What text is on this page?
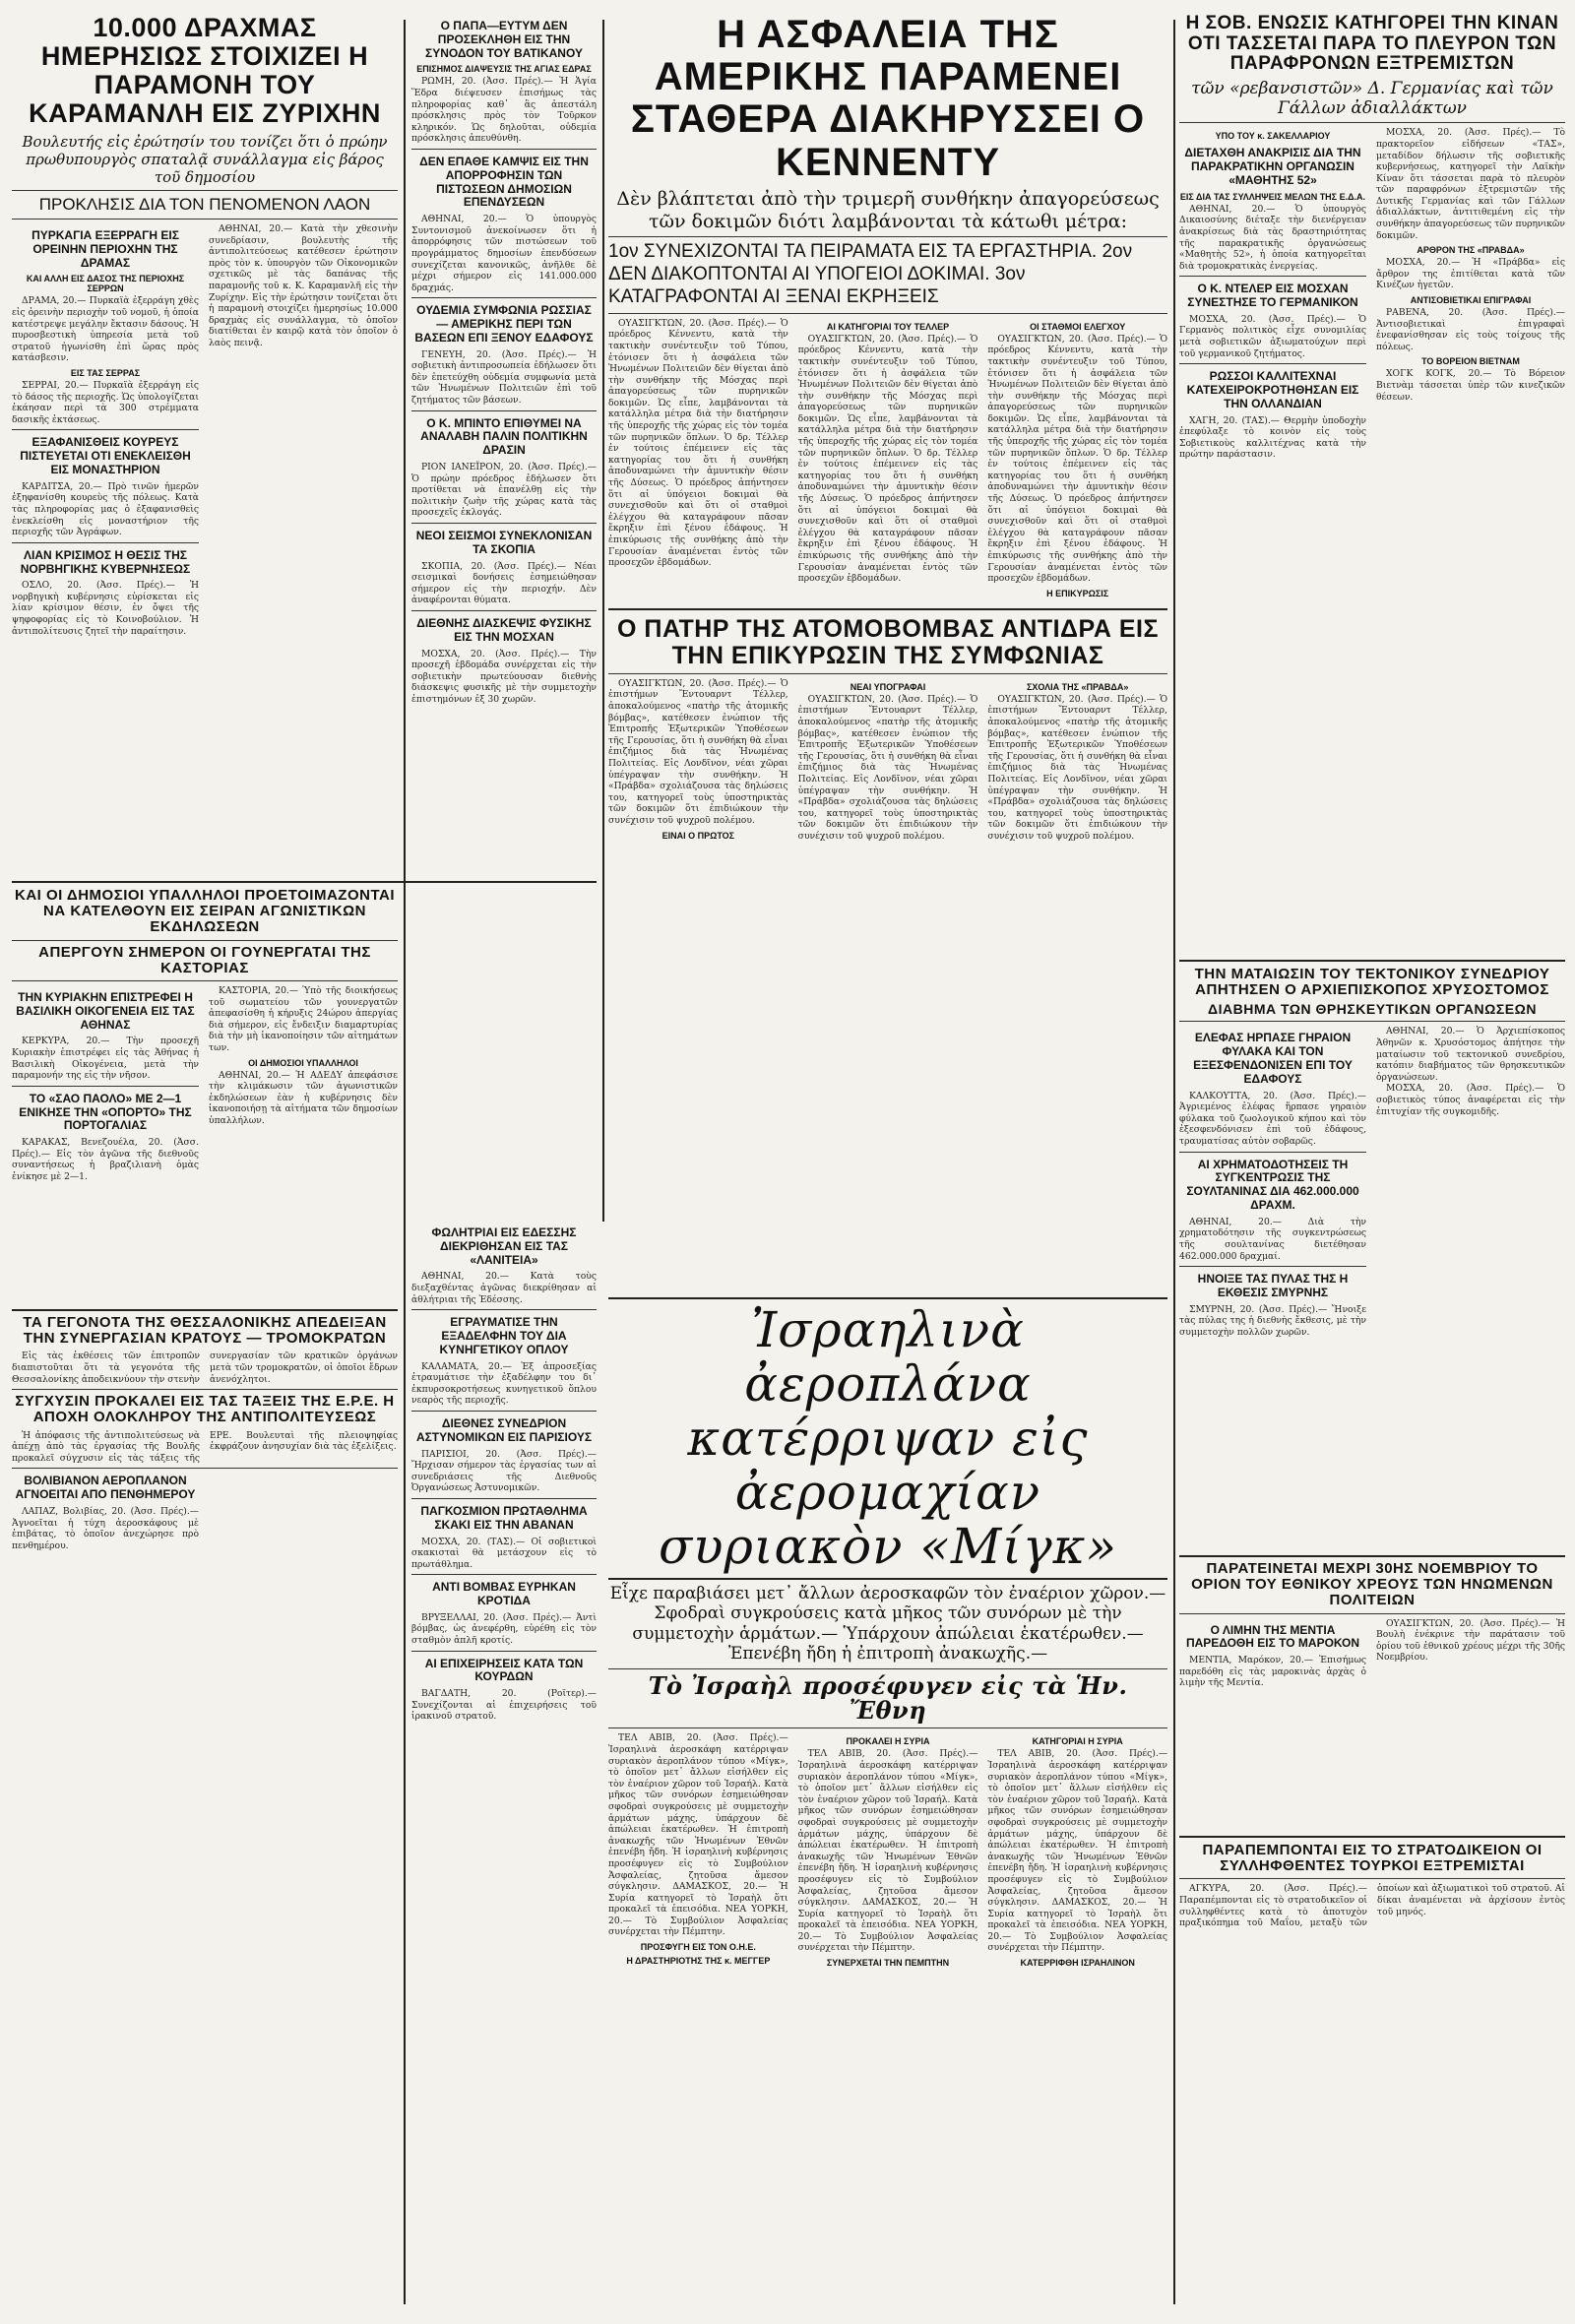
10.000 ΔΡΑΧΜΑΣ ΗΜΕΡΗΣΙΩΣ ΣΤΟΙΧΙΖΕΙ Η ΠΑΡΑΜΟΝΗ ΤΟΥ ΚΑΡΑΜΑΝΛΗ ΕΙΣ ΖΥΡΙΧΗΝ
Βουλευτής εἰς ἐρώτησίν του τονίζει ὅτι ὁ πρώην πρωθυπουργὸς σπαταλᾷ συνάλλαγμα εἰς βάρος τοῦ δημοσίου
ΠΡΟΚΛΗΣΙΣ ΔΙΑ ΤΟΝ ΠΕΝΟΜΕΝΟΝ ΛΑΟΝ
ΠΥΡΚΑΓΙΑ ΕΞΕΡΡΑΓΗ ΕΙΣ ΟΡΕΙΝΗΝ ΠΕΡΙΟΧΗΝ ΤΗΣ ΔΡΑΜΑΣ
ΚΑΙ ΑΛΛΗ ΕΙΣ ΔΑΣΟΣ ΤΗΣ ΠΕΡΙΟΧΗΣ ΣΕΡΡΩΝ

ΔΡΑΜΑ, 20.— Πυρκαϊὰ ἐξερράγη χθὲς εἰς ὀρεινὴν περιοχὴν τοῦ νομοῦ, ἡ ὁποία κατέστρεψε μεγάλην ἔκτασιν δάσους. Ἡ πυροσβεστικὴ ὑπηρεσία μετὰ τοῦ στρατοῦ ἠγωνίσθη ἐπὶ ὥρας πρὸς κατάσβεσιν.

ΕΙΣ ΤΑΣ ΣΕΡΡΑΣ

ΣΕΡΡΑΙ, 20.— Πυρκαϊὰ ἐξερράγη εἰς τὸ δάσος τῆς περιοχῆς. Ὡς ὑπολογίζεται ἐκάησαν περὶ τὰ 300 στρέμματα δασικῆς ἐκτάσεως.

ΕΞΑΦΑΝΙΣΘΕΙΣ ΚΟΥΡΕΥΣ ΠΙΣΤΕΥΕΤΑΙ ΟΤΙ ΕΝΕΚΛΕΙΣΘΗ ΕΙΣ ΜΟΝΑΣΤΗΡΙΟΝ

ΚΑΡΔΙΤΣΑ, 20.— Πρὸ τινῶν ἡμερῶν ἐξηφανίσθη κουρεὺς τῆς πόλεως. Κατὰ τὰς πληροφορίας μας ὁ ἐξαφανισθεὶς ἐνεκλείσθη εἰς μοναστήριον τῆς περιοχῆς τῶν Ἀγράφων.

ΛΙΑΝ ΚΡΙΣΙΜΟΣ Η ΘΕΣΙΣ ΤΗΣ ΝΟΡΒΗΓΙΚΗΣ ΚΥΒΕΡΝΗΣΕΩΣ

ΟΣΛΟ, 20. (Ἀσσ. Πρές).— Ἡ νορβηγικὴ κυβέρνησις εὑρίσκεται εἰς λίαν κρίσιμον θέσιν, ἐν ὄψει τῆς ψηφοφορίας εἰς τὸ Κοινοβούλιον. Ἡ ἀντιπολίτευσις ζητεῖ τὴν παραίτησιν.

ΑΘΗΝΑΙ, 20.— Κατὰ τὴν χθεσινὴν συνεδρίασιν, βουλευτὴς τῆς ἀντιπολιτεύσεως κατέθεσεν ἐρώτησιν πρὸς τὸν κ. ὑπουργὸν τῶν Οἰκονομικῶν σχετικῶς μὲ τὰς δαπάνας τῆς παραμονῆς τοῦ κ. Κ. Καραμανλῆ εἰς τὴν Ζυρίχην. Εἰς τὴν ἐρώτησιν τονίζεται ὅτι ἡ παραμονὴ στοιχίζει ἡμερησίως 10.000 δραχμὰς εἰς συνάλλαγμα, τὸ ὁποῖον διατίθεται ἐν καιρῷ κατὰ τὸν ὁποῖον ὁ λαὸς πεινᾷ.

Ο ΠΑΠΑ—ΕΥΤΥΜ ΔΕΝ ΠΡΟΣΕΚΛΗΘΗ ΕΙΣ ΤΗΝ ΣΥΝΟΔΟΝ ΤΟΥ ΒΑΤΙΚΑΝΟΥ
ΕΠΙΣΗΜΟΣ ΔΙΑΨΕΥΣΙΣ ΤΗΣ ΑΓΙΑΣ ΕΔΡΑΣ

ΡΩΜΗ, 20. (Ἀσσ. Πρές).— Ἡ Ἁγία Ἕδρα διέψευσεν ἐπισήμως τὰς πληροφορίας καθ᾽ ἃς ἀπεστάλη πρόσκλησις πρὸς τὸν Τοῦρκον κληρικόν. Ὡς δηλοῦται, οὐδεμία πρόσκλησις ἀπευθύνθη.

ΔΕΝ ΕΠΑΘΕ ΚΑΜΨΙΣ ΕΙΣ ΤΗΝ ΑΠΟΡΡΟΦΗΣΙΝ ΤΩΝ ΠΙΣΤΩΣΕΩΝ ΔΗΜΟΣΙΩΝ ΕΠΕΝΔΥΣΕΩΝ

ΑΘΗΝΑΙ, 20.— Ὁ ὑπουργὸς Συντονισμοῦ ἀνεκοίνωσεν ὅτι ἡ ἀπορρόφησις τῶν πιστώσεων τοῦ προγράμματος δημοσίων ἐπενδύσεων συνεχίζεται κανονικῶς, ἀνῆλθε δὲ μέχρι σήμερον εἰς 141.000.000 δραχμάς.

ΟΥΔΕΜΙΑ ΣΥΜΦΩΝΙΑ ΡΩΣΣΙΑΣ — ΑΜΕΡΙΚΗΣ ΠΕΡΙ ΤΩΝ ΒΑΣΕΩΝ ΕΠΙ ΞΕΝΟΥ ΕΔΑΦΟΥΣ

ΓΕΝΕΥΗ, 20. (Ἀσσ. Πρές).— Ἡ σοβιετικὴ ἀντιπροσωπεία ἐδήλωσεν ὅτι δὲν ἐπετεύχθη οὐδεμία συμφωνία μετὰ τῶν Ἡνωμένων Πολιτειῶν ἐπὶ τοῦ ζητήματος τῶν βάσεων.

Ο Κ. ΜΠΙΝΤΟ ΕΠΙΘΥΜΕΙ ΝΑ ΑΝΑΛΑΒΗ ΠΑΛΙΝ ΠΟΛΙΤΙΚΗΝ ΔΡΑΣΙΝ

ΡΙΟΝ ΙΑΝΕΪΡΟΝ, 20. (Ἀσσ. Πρές).— Ὁ πρώην πρόεδρος ἐδήλωσεν ὅτι προτίθεται νὰ ἐπανέλθῃ εἰς τὴν πολιτικὴν ζωὴν τῆς χώρας κατὰ τὰς προσεχεῖς ἐκλογάς.

ΝΕΟΙ ΣΕΙΣΜΟΙ ΣΥΝΕΚΛΟΝΙΣΑΝ ΤΑ ΣΚΟΠΙΑ

ΣΚΟΠΙΑ, 20. (Ἀσσ. Πρές).— Νέαι σεισμικαὶ δονήσεις ἐσημειώθησαν σήμερον εἰς τὴν περιοχήν. Δὲν ἀναφέρονται θύματα.

ΔΙΕΘΝΗΣ ΔΙΑΣΚΕΨΙΣ ΦΥΣΙΚΗΣ ΕΙΣ ΤΗΝ ΜΟΣΧΑΝ

ΜΟΣΧΑ, 20. (Ἀσσ. Πρές).— Τὴν προσεχῆ ἑβδομάδα συνέρχεται εἰς τὴν σοβιετικὴν πρωτεύουσαν διεθνὴς διάσκεψις φυσικῆς μὲ τὴν συμμετοχὴν ἐπιστημόνων ἐξ 30 χωρῶν.

ΚΑΙ ΟΙ ΔΗΜΟΣΙΟΙ ΥΠΑΛΛΗΛΟΙ ΠΡΟΕΤΟΙΜΑΖΟΝΤΑΙ ΝΑ ΚΑΤΕΛΘΟΥΝ ΕΙΣ ΣΕΙΡΑΝ ΑΓΩΝΙΣΤΙΚΩΝ ΕΚΔΗΛΩΣΕΩΝ
ΑΠΕΡΓΟΥΝ ΣΗΜΕΡΟΝ ΟΙ ΓΟΥΝΕΡΓΑΤΑΙ ΤΗΣ ΚΑΣΤΟΡΙΑΣ
ΤΗΝ ΚΥΡΙΑΚΗΝ ΕΠΙΣΤΡΕΦΕΙ Η ΒΑΣΙΛΙΚΗ ΟΙΚΟΓΕΝΕΙΑ ΕΙΣ ΤΑΣ ΑΘΗΝΑΣ

ΚΕΡΚΥΡΑ, 20.— Τὴν προσεχῆ Κυριακὴν ἐπιστρέφει εἰς τὰς Ἀθήνας ἡ Βασιλικὴ Οἰκογένεια, μετὰ τὴν παραμονήν της εἰς τὴν νῆσον.

ΤΟ «ΣΑΟ ΠΑΟΛΟ» ΜΕ 2—1 ΕΝΙΚΗΣΕ ΤΗΝ «ΟΠΟΡΤΟ» ΤΗΣ ΠΟΡΤΟΓΑΛΙΑΣ

ΚΑΡΑΚΑΣ, Βενεζουέλα, 20. (Ἀσσ. Πρές).— Εἰς τὸν ἀγῶνα τῆς διεθνοῦς συναντήσεως ἡ βραζιλιανὴ ὁμὰς ἐνίκησε μὲ 2—1.

ΚΑΣΤΟΡΙΑ, 20.— Ὑπὸ τῆς διοικήσεως τοῦ σωματείου τῶν γουνεργατῶν ἀπεφασίσθη ἡ κήρυξις 24ώρου ἀπεργίας διὰ σήμερον, εἰς ἔνδειξιν διαμαρτυρίας διὰ τὴν μὴ ἱκανοποίησιν τῶν αἰτημάτων των.

ΟΙ ΔΗΜΟΣΙΟΙ ΥΠΑΛΛΗΛΟΙ

ΑΘΗΝΑΙ, 20.— Ἡ ΑΔΕΔΥ ἀπεφάσισε τὴν κλιμάκωσιν τῶν ἀγωνιστικῶν ἐκδηλώσεων ἐὰν ἡ κυβέρνησις δὲν ἱκανοποιήσῃ τὰ αἰτήματα τῶν δημοσίων ὑπαλλήλων.

ΦΩΛΗΤΡΙΑΙ ΕΙΣ ΕΔΕΣΣΗΣ ΔΙΕΚΡΙΘΗΣΑΝ ΕΙΣ ΤΑΣ «ΛΑΝΙΤΕΙΑ»

ΑΘΗΝΑΙ, 20.— Κατὰ τοὺς διεξαχθέντας ἀγῶνας διεκρίθησαν αἱ ἀθλήτριαι τῆς Ἐδέσσης.

ΕΓΡΑΥΜΑΤΙΣΕ ΤΗΝ ΕΞΑΔΕΛΦΗΝ ΤΟΥ ΔΙΑ ΚΥΝΗΓΕΤΙΚΟΥ ΟΠΛΟΥ

ΚΑΛΑΜΑΤΑ, 20.— Ἐξ ἀπροσεξίας ἐτραυμάτισε τὴν ἐξαδέλφην του δι᾽ ἐκπυρσοκροτήσεως κυνηγετικοῦ ὅπλου νεαρὸς τῆς περιοχῆς.

ΔΙΕΘΝΕΣ ΣΥΝΕΔΡΙΟΝ ΑΣΤΥΝΟΜΙΚΩΝ ΕΙΣ ΠΑΡΙΣΙΟΥΣ

ΠΑΡΙΣΙΟΙ, 20. (Ἀσσ. Πρές).— Ἤρχισαν σήμερον τὰς ἐργασίας των αἱ συνεδριάσεις τῆς Διεθνοῦς Ὀργανώσεως Ἀστυνομικῶν.

ΠΑΓΚΟΣΜΙΟΝ ΠΡΩΤΑΘΛΗΜΑ ΣΚΑΚΙ ΕΙΣ ΤΗΝ ΑΒΑΝΑΝ

ΜΟΣΧΑ, 20. (ΤΑΣ).— Οἱ σοβιετικοὶ σκακισταὶ θὰ μετάσχουν εἰς τὸ πρωτάθλημα.

ΑΝΤΙ ΒΟΜΒΑΣ ΕΥΡΗΚΑΝ ΚΡΟΤΙΔΑ

ΒΡΥΞΕΛΛΑΙ, 20. (Ἀσσ. Πρές).— Ἀντὶ βόμβας, ὡς ἀνεφέρθη, εὑρέθη εἰς τὸν σταθμὸν ἁπλῆ κροτίς.

ΑΙ ΕΠΙΧΕΙΡΗΣΕΙΣ ΚΑΤΑ ΤΩΝ ΚΟΥΡΔΩΝ

ΒΑΓΔΑΤΗ, 20. (Ροϊτερ).— Συνεχίζονται αἱ ἐπιχειρήσεις τοῦ ἰρακινοῦ στρατοῦ.

ΤΑ ΓΕΓΟΝΟΤΑ ΤΗΣ ΘΕΣΣΑΛΟΝΙΚΗΣ ΑΠΕΔΕΙΞΑΝ ΤΗΝ ΣΥΝΕΡΓΑΣΙΑΝ ΚΡΑΤΟΥΣ — ΤΡΟΜΟΚΡΑΤΩΝ

Εἰς τὰς ἐκθέσεις τῶν ἐπιτροπῶν διαπιστοῦται ὅτι τὰ γεγονότα τῆς Θεσσαλονίκης ἀποδεικνύουν τὴν στενὴν συνεργασίαν τῶν κρατικῶν ὀργάνων μετὰ τῶν τρομοκρατῶν, οἱ ὁποῖοι ἔδρων ἀνενόχλητοι.

ΣΥΓΧΥΣΙΝ ΠΡΟΚΑΛΕΙ ΕΙΣ ΤΑΣ ΤΑΞΕΙΣ ΤΗΣ Ε.Ρ.Ε. Η ΑΠΟΧΗ ΟΛΟΚΛΗΡΟΥ ΤΗΣ ΑΝΤΙΠΟΛΙΤΕΥΣΕΩΣ

Ἡ ἀπόφασις τῆς ἀντιπολιτεύσεως νὰ ἀπέχῃ ἀπὸ τὰς ἐργασίας τῆς Βουλῆς προκαλεῖ σύγχυσιν εἰς τὰς τάξεις τῆς ΕΡΕ. Βουλευταὶ τῆς πλειοψηφίας ἐκφράζουν ἀνησυχίαν διὰ τὰς ἐξελίξεις.

ΒΟΛΙΒΙΑΝΟΝ ΑΕΡΟΠΛΑΝΟΝ ΑΓΝΟΕΙΤΑΙ ΑΠΟ ΠΕΝΘΗΜΕΡΟΥ

ΛΑΠΑΖ, Βολιβίας, 20. (Ἀσσ. Πρές).— Ἀγνοεῖται ἡ τύχη ἀεροσκάφους μὲ ἐπιβάτας, τὸ ὁποῖον ἀνεχώρησε πρὸ πενθημέρου.

Η ΑΣΦΑΛΕΙΑ ΤΗΣ ΑΜΕΡΙΚΗΣ ΠΑΡΑΜΕΝΕΙ ΣΤΑΘΕΡΑ ΔΙΑΚΗΡΥΣΣΕΙ Ο ΚΕΝΝΕΝΤΥ
Δὲν βλάπτεται ἀπὸ τὴν τριμερῆ συνθήκην ἀπαγορεύσεως τῶν δοκιμῶν διότι λαμβάνονται τὰ κάτωθι μέτρα:
1ον ΣΥΝΕΧΙΖΟΝΤΑΙ ΤΑ ΠΕΙΡΑΜΑΤΑ ΕΙΣ ΤΑ ΕΡΓΑΣΤΗΡΙΑ. 2ον ΔΕΝ ΔΙΑΚΟΠΤΟΝΤΑΙ ΑΙ ΥΠΟΓΕΙΟΙ ΔΟΚΙΜΑΙ. 3ον ΚΑΤΑΓΡΑΦΟΝΤΑΙ ΑΙ ΞΕΝΑΙ ΕΚΡΗΞΕΙΣ

ΟΥΑΣΙΓΚΤΩΝ, 20. (Ἀσσ. Πρές).— Ὁ πρόεδρος Κέννεντυ, κατὰ τὴν τακτικὴν συνέντευξιν τοῦ Τύπου, ἐτόνισεν ὅτι ἡ ἀσφάλεια τῶν Ἡνωμένων Πολιτειῶν δὲν θίγεται ἀπὸ τὴν συνθήκην τῆς Μόσχας περὶ ἀπαγορεύσεως τῶν πυρηνικῶν δοκιμῶν. Ὡς εἶπε, λαμβάνονται τὰ κατάλληλα μέτρα διὰ τὴν διατήρησιν τῆς ὑπεροχῆς τῆς χώρας εἰς τὸν τομέα τῶν πυρηνικῶν ὅπλων. Ὁ δρ. Τέλλερ ἐν τούτοις ἐπέμεινεν εἰς τὰς κατηγορίας του ὅτι ἡ συνθήκη ἀποδυναμώνει τὴν ἀμυντικὴν θέσιν τῆς Δύσεως. Ὁ πρόεδρος ἀπήντησεν ὅτι αἱ ὑπόγειοι δοκιμαὶ θὰ συνεχισθοῦν καὶ ὅτι οἱ σταθμοὶ ἐλέγχου θὰ καταγράφουν πᾶσαν ἔκρηξιν ἐπὶ ξένου ἐδάφους. Ἡ ἐπικύρωσις τῆς συνθήκης ἀπὸ τὴν Γερουσίαν ἀναμένεται ἐντὸς τῶν προσεχῶν ἑβδομάδων.

ΑΙ ΚΑΤΗΓΟΡΙΑΙ ΤΟΥ ΤΕΛΛΕΡ

ΟΥΑΣΙΓΚΤΩΝ, 20. (Ἀσσ. Πρές).— Ὁ πρόεδρος Κέννεντυ, κατὰ τὴν τακτικὴν συνέντευξιν τοῦ Τύπου, ἐτόνισεν ὅτι ἡ ἀσφάλεια τῶν Ἡνωμένων Πολιτειῶν δὲν θίγεται ἀπὸ τὴν συνθήκην τῆς Μόσχας περὶ ἀπαγορεύσεως τῶν πυρηνικῶν δοκιμῶν. Ὡς εἶπε, λαμβάνονται τὰ κατάλληλα μέτρα διὰ τὴν διατήρησιν τῆς ὑπεροχῆς τῆς χώρας εἰς τὸν τομέα τῶν πυρηνικῶν ὅπλων. Ὁ δρ. Τέλλερ ἐν τούτοις ἐπέμεινεν εἰς τὰς κατηγορίας του ὅτι ἡ συνθήκη ἀποδυναμώνει τὴν ἀμυντικὴν θέσιν τῆς Δύσεως. Ὁ πρόεδρος ἀπήντησεν ὅτι αἱ ὑπόγειοι δοκιμαὶ θὰ συνεχισθοῦν καὶ ὅτι οἱ σταθμοὶ ἐλέγχου θὰ καταγράφουν πᾶσαν ἔκρηξιν ἐπὶ ξένου ἐδάφους. Ἡ ἐπικύρωσις τῆς συνθήκης ἀπὸ τὴν Γερουσίαν ἀναμένεται ἐντὸς τῶν προσεχῶν ἑβδομάδων.

ΟΙ ΣΤΑΘΜΟΙ ΕΛΕΓΧΟΥ

ΟΥΑΣΙΓΚΤΩΝ, 20. (Ἀσσ. Πρές).— Ὁ πρόεδρος Κέννεντυ, κατὰ τὴν τακτικὴν συνέντευξιν τοῦ Τύπου, ἐτόνισεν ὅτι ἡ ἀσφάλεια τῶν Ἡνωμένων Πολιτειῶν δὲν θίγεται ἀπὸ τὴν συνθήκην τῆς Μόσχας περὶ ἀπαγορεύσεως τῶν πυρηνικῶν δοκιμῶν. Ὡς εἶπε, λαμβάνονται τὰ κατάλληλα μέτρα διὰ τὴν διατήρησιν τῆς ὑπεροχῆς τῆς χώρας εἰς τὸν τομέα τῶν πυρηνικῶν ὅπλων. Ὁ δρ. Τέλλερ ἐν τούτοις ἐπέμεινεν εἰς τὰς κατηγορίας του ὅτι ἡ συνθήκη ἀποδυναμώνει τὴν ἀμυντικὴν θέσιν τῆς Δύσεως. Ὁ πρόεδρος ἀπήντησεν ὅτι αἱ ὑπόγειοι δοκιμαὶ θὰ συνεχισθοῦν καὶ ὅτι οἱ σταθμοὶ ἐλέγχου θὰ καταγράφουν πᾶσαν ἔκρηξιν ἐπὶ ξένου ἐδάφους. Ἡ ἐπικύρωσις τῆς συνθήκης ἀπὸ τὴν Γερουσίαν ἀναμένεται ἐντὸς τῶν προσεχῶν ἑβδομάδων.

Η ΕΠΙΚΥΡΩΣΙΣ
Ο ΠΑΤΗΡ ΤΗΣ ΑΤΟΜΟΒΟΜΒΑΣ ΑΝΤΙΔΡΑ ΕΙΣ ΤΗΝ ΕΠΙΚΥΡΩΣΙΝ ΤΗΣ ΣΥΜΦΩΝΙΑΣ

ΟΥΑΣΙΓΚΤΩΝ, 20. (Ἀσσ. Πρές).— Ὁ ἐπιστήμων Ἔντουαρντ Τέλλερ, ἀποκαλούμενος «πατὴρ τῆς ἀτομικῆς βόμβας», κατέθεσεν ἐνώπιον τῆς Ἐπιτροπῆς Ἐξωτερικῶν Ὑποθέσεων τῆς Γερουσίας, ὅτι ἡ συνθήκη θὰ εἶναι ἐπιζήμιος διὰ τὰς Ἡνωμένας Πολιτείας. Εἰς Λονδῖνον, νέαι χῶραι ὑπέγραψαν τὴν συνθήκην. Ἡ «Πράβδα» σχολιάζουσα τὰς δηλώσεις του, κατηγορεῖ τοὺς ὑποστηρικτὰς τῶν δοκιμῶν ὅτι ἐπιδιώκουν τὴν συνέχισιν τοῦ ψυχροῦ πολέμου.

ΕΙΝΑΙ Ο ΠΡΩΤΟΣ
ΝΕΑΙ ΥΠΟΓΡΑΦΑΙ

ΟΥΑΣΙΓΚΤΩΝ, 20. (Ἀσσ. Πρές).— Ὁ ἐπιστήμων Ἔντουαρντ Τέλλερ, ἀποκαλούμενος «πατὴρ τῆς ἀτομικῆς βόμβας», κατέθεσεν ἐνώπιον τῆς Ἐπιτροπῆς Ἐξωτερικῶν Ὑποθέσεων τῆς Γερουσίας, ὅτι ἡ συνθήκη θὰ εἶναι ἐπιζήμιος διὰ τὰς Ἡνωμένας Πολιτείας. Εἰς Λονδῖνον, νέαι χῶραι ὑπέγραψαν τὴν συνθήκην. Ἡ «Πράβδα» σχολιάζουσα τὰς δηλώσεις του, κατηγορεῖ τοὺς ὑποστηρικτὰς τῶν δοκιμῶν ὅτι ἐπιδιώκουν τὴν συνέχισιν τοῦ ψυχροῦ πολέμου.

ΣΧΟΛΙΑ ΤΗΣ «ΠΡΑΒΔΑ»

ΟΥΑΣΙΓΚΤΩΝ, 20. (Ἀσσ. Πρές).— Ὁ ἐπιστήμων Ἔντουαρντ Τέλλερ, ἀποκαλούμενος «πατὴρ τῆς ἀτομικῆς βόμβας», κατέθεσεν ἐνώπιον τῆς Ἐπιτροπῆς Ἐξωτερικῶν Ὑποθέσεων τῆς Γερουσίας, ὅτι ἡ συνθήκη θὰ εἶναι ἐπιζήμιος διὰ τὰς Ἡνωμένας Πολιτείας. Εἰς Λονδῖνον, νέαι χῶραι ὑπέγραψαν τὴν συνθήκην. Ἡ «Πράβδα» σχολιάζουσα τὰς δηλώσεις του, κατηγορεῖ τοὺς ὑποστηρικτὰς τῶν δοκιμῶν ὅτι ἐπιδιώκουν τὴν συνέχισιν τοῦ ψυχροῦ πολέμου.

Ἰσραηλινὰ ἀεροπλάνα κατέρριψαν εἰς ἀερομαχίαν συριακὸν «Μίγκ»
Εἶχε παραβιάσει μετ᾽ ἄλλων ἀεροσκαφῶν τὸν ἐναέριον χῶρον.— Σφοδραὶ συγκρούσεις κατὰ μῆκος τῶν συνόρων μὲ τὴν συμμετοχὴν ἁρμάτων.— Ὑπάρχουν ἀπώλειαι ἑκατέρωθεν.— Ἐπενέβη ἤδη ἡ ἐπιτροπὴ ἀνακωχῆς.—
Τὸ Ἰσραὴλ προσέφυγεν εἰς τὰ Ἡν. Ἔθνη

ΤΕΛ ΑΒΙΒ, 20. (Ἀσσ. Πρές).— Ἰσραηλινὰ ἀεροσκάφη κατέρριψαν συριακὸν ἀεροπλάνον τύπου «Μίγκ», τὸ ὁποῖον μετ᾽ ἄλλων εἰσήλθεν εἰς τὸν ἐναέριον χῶρον τοῦ Ἰσραήλ. Κατὰ μῆκος τῶν συνόρων ἐσημειώθησαν σφοδραὶ συγκρούσεις μὲ συμμετοχὴν ἁρμάτων μάχης, ὑπάρχουν δὲ ἀπώλειαι ἑκατέρωθεν. Ἡ ἐπιτροπὴ ἀνακωχῆς τῶν Ἡνωμένων Ἐθνῶν ἐπενέβη ἤδη. Ἡ ἰσραηλινὴ κυβέρνησις προσέφυγεν εἰς τὸ Συμβούλιον Ἀσφαλείας, ζητοῦσα ἄμεσον σύγκλησιν. ΔΑΜΑΣΚΟΣ, 20.— Ἡ Συρία κατηγορεῖ τὸ Ἰσραὴλ ὅτι προκαλεῖ τὰ ἐπεισόδια. ΝΕΑ ΥΟΡΚΗ, 20.— Τὸ Συμβούλιον Ἀσφαλείας συνέρχεται τὴν Πέμπτην.

ΠΡΟΣΦΥΓΗ ΕΙΣ ΤΟΝ Ο.Η.Ε.
Η ΔΡΑΣΤΗΡΙΟΤΗΣ ΤΗΣ κ. ΜΕΓΓΕΡ
ΠΡΟΚΑΛΕΙ Η ΣΥΡΙΑ

ΤΕΛ ΑΒΙΒ, 20. (Ἀσσ. Πρές).— Ἰσραηλινὰ ἀεροσκάφη κατέρριψαν συριακὸν ἀεροπλάνον τύπου «Μίγκ», τὸ ὁποῖον μετ᾽ ἄλλων εἰσήλθεν εἰς τὸν ἐναέριον χῶρον τοῦ Ἰσραήλ. Κατὰ μῆκος τῶν συνόρων ἐσημειώθησαν σφοδραὶ συγκρούσεις μὲ συμμετοχὴν ἁρμάτων μάχης, ὑπάρχουν δὲ ἀπώλειαι ἑκατέρωθεν. Ἡ ἐπιτροπὴ ἀνακωχῆς τῶν Ἡνωμένων Ἐθνῶν ἐπενέβη ἤδη. Ἡ ἰσραηλινὴ κυβέρνησις προσέφυγεν εἰς τὸ Συμβούλιον Ἀσφαλείας, ζητοῦσα ἄμεσον σύγκλησιν. ΔΑΜΑΣΚΟΣ, 20.— Ἡ Συρία κατηγορεῖ τὸ Ἰσραὴλ ὅτι προκαλεῖ τὰ ἐπεισόδια. ΝΕΑ ΥΟΡΚΗ, 20.— Τὸ Συμβούλιον Ἀσφαλείας συνέρχεται τὴν Πέμπτην.

ΣΥΝΕΡΧΕΤΑΙ ΤΗΝ ΠΕΜΠΤΗΝ
ΚΑΤΗΓΟΡΙΑΙ Η ΣΥΡΙΑ

ΤΕΛ ΑΒΙΒ, 20. (Ἀσσ. Πρές).— Ἰσραηλινὰ ἀεροσκάφη κατέρριψαν συριακὸν ἀεροπλάνον τύπου «Μίγκ», τὸ ὁποῖον μετ᾽ ἄλλων εἰσήλθεν εἰς τὸν ἐναέριον χῶρον τοῦ Ἰσραήλ. Κατὰ μῆκος τῶν συνόρων ἐσημειώθησαν σφοδραὶ συγκρούσεις μὲ συμμετοχὴν ἁρμάτων μάχης, ὑπάρχουν δὲ ἀπώλειαι ἑκατέρωθεν. Ἡ ἐπιτροπὴ ἀνακωχῆς τῶν Ἡνωμένων Ἐθνῶν ἐπενέβη ἤδη. Ἡ ἰσραηλινὴ κυβέρνησις προσέφυγεν εἰς τὸ Συμβούλιον Ἀσφαλείας, ζητοῦσα ἄμεσον σύγκλησιν. ΔΑΜΑΣΚΟΣ, 20.— Ἡ Συρία κατηγορεῖ τὸ Ἰσραὴλ ὅτι προκαλεῖ τὰ ἐπεισόδια. ΝΕΑ ΥΟΡΚΗ, 20.— Τὸ Συμβούλιον Ἀσφαλείας συνέρχεται τὴν Πέμπτην.

ΚΑΤΕΡΡΙΦΘΗ ΙΣΡΑΗΛΙΝΟΝ
Η ΣΟΒ. ΕΝΩΣΙΣ ΚΑΤΗΓΟΡΕΙ ΤΗΝ ΚΙΝΑΝ ΟΤΙ ΤΑΣΣΕΤΑΙ ΠΑΡΑ ΤΟ ΠΛΕΥΡΟΝ ΤΩΝ ΠΑΡΑΦΡΟΝΩΝ ΕΞΤΡΕΜΙΣΤΩΝ
τῶν «ρεβανσιστῶν» Δ. Γερμανίας καὶ τῶν Γάλλων ἀδιαλλάκτων
ΥΠΟ ΤΟΥ κ. ΣΑΚΕΛΛΑΡΙΟΥ
ΔΙΕΤΑΧΘΗ ΑΝΑΚΡΙΣΙΣ ΔΙΑ ΤΗΝ ΠΑΡΑΚΡΑΤΙΚΗΝ ΟΡΓΑΝΩΣΙΝ «ΜΑΘΗΤΗΣ 52»
ΕΙΣ ΔΙΑ ΤΑΣ ΣΥΛΛΗΨΕΙΣ ΜΕΛΩΝ ΤΗΣ Ε.Δ.Α.

ΑΘΗΝΑΙ, 20.— Ὁ ὑπουργὸς Δικαιοσύνης διέταξε τὴν διενέργειαν ἀνακρίσεως διὰ τὰς δραστηριότητας τῆς παρακρατικῆς ὀργανώσεως «Μαθητὴς 52», ἡ ὁποία κατηγορεῖται διὰ τρομοκρατικὰς ἐνεργείας.

Ο Κ. ΝΤΕΛΕΡ ΕΙΣ ΜΟΣΧΑΝ ΣΥΝΕΣΤΗΣΕ ΤΟ ΓΕΡΜΑΝΙΚΟΝ

ΜΟΣΧΑ, 20. (Ἀσσ. Πρές).— Ὁ Γερμανὸς πολιτικὸς εἶχε συνομιλίας μετὰ σοβιετικῶν ἀξιωματούχων περὶ τοῦ γερμανικοῦ ζητήματος.

ΡΩΣΣΟΙ ΚΑΛΛΙΤΕΧΝΑΙ ΚΑΤΕΧΕΙΡΟΚΡΟΤΗΘΗΣΑΝ ΕΙΣ ΤΗΝ ΟΛΛΑΝΔΙΑΝ

ΧΑΓΗ, 20. (ΤΑΣ).— Θερμὴν ὑποδοχὴν ἐπεφύλαξε τὸ κοινὸν εἰς τοὺς Σοβιετικοὺς καλλιτέχνας κατὰ τὴν πρώτην παράστασιν.

ΜΟΣΧΑ, 20. (Ἀσσ. Πρές).— Τὸ πρακτορεῖον εἰδήσεων «ΤΑΣ», μεταδίδον δήλωσιν τῆς σοβιετικῆς κυβερνήσεως, κατηγορεῖ τὴν Λαϊκὴν Κίναν ὅτι τάσσεται παρὰ τὸ πλευρὸν τῶν παραφρόνων ἐξτρεμιστῶν τῆς Δυτικῆς Γερμανίας καὶ τῶν Γάλλων ἀδιαλλάκτων, ἀντιτιθεμένη εἰς τὴν συνθήκην ἀπαγορεύσεως τῶν πυρηνικῶν δοκιμῶν.

ΑΡΘΡΟΝ ΤΗΣ «ΠΡΑΒΔΑ»

ΜΟΣΧΑ, 20.— Ἡ «Πράβδα» εἰς ἄρθρον της ἐπιτίθεται κατὰ τῶν Κινέζων ἡγετῶν.

ΑΝΤΙΣΟΒΙΕΤΙΚΑΙ ΕΠΙΓΡΑΦΑΙ

ΡΑΒΕΝΑ, 20. (Ἀσσ. Πρές).— Ἀντισοβιετικαὶ ἐπιγραφαὶ ἐνεφανίσθησαν εἰς τοὺς τοίχους τῆς πόλεως.

ΤΟ ΒΟΡΕΙΟΝ ΒΙΕΤΝΑΜ

ΧΟΓΚ ΚΟΓΚ, 20.— Τὸ Βόρειον Βιετνὰμ τάσσεται ὑπὲρ τῶν κινεζικῶν θέσεων.

ΤΗΝ ΜΑΤΑΙΩΣΙΝ ΤΟΥ ΤΕΚΤΟΝΙΚΟΥ ΣΥΝΕΔΡΙΟΥ ΑΠΗΤΗΣΕΝ Ο ΑΡΧΙΕΠΙΣΚΟΠΟΣ ΧΡΥΣΟΣΤΟΜΟΣ
ΔΙΑΒΗΜΑ ΤΩΝ ΘΡΗΣΚΕΥΤΙΚΩΝ ΟΡΓΑΝΩΣΕΩΝ
ΕΛΕΦΑΣ ΗΡΠΑΣΕ ΓΗΡΑΙΟΝ ΦΥΛΑΚΑ ΚΑΙ ΤΟΝ ΕΞΕΣΦΕΝΔΟΝΙΣΕΝ ΕΠΙ ΤΟΥ ΕΔΑΦΟΥΣ

ΚΑΛΚΟΥΤΤΑ, 20. (Ἀσσ. Πρές).— Ἀγριεμένος ἐλέφας ἥρπασε γηραιὸν φύλακα τοῦ ζωολογικοῦ κήπου καὶ τὸν ἐξεσφενδόνισεν ἐπὶ τοῦ ἐδάφους, τραυματίσας αὐτὸν σοβαρῶς.

ΑΙ ΧΡΗΜΑΤΟΔΟΤΗΣΕΙΣ ΤΗ ΣΥΓΚΕΝΤΡΩΣΙΣ ΤΗΣ ΣΟΥΛΤΑΝΙΝΑΣ ΔΙΑ 462.000.000 ΔΡΑΧΜ.

ΑΘΗΝΑΙ, 20.— Διὰ τὴν χρηματοδότησιν τῆς συγκεντρώσεως τῆς σουλτανίνας διετέθησαν 462.000.000 δραχμαί.

ΗΝΟΙΞΕ ΤΑΣ ΠΥΛΑΣ ΤΗΣ Η ΕΚΘΕΣΙΣ ΣΜΥΡΝΗΣ

ΣΜΥΡΝΗ, 20. (Ἀσσ. Πρές).— Ἤνοιξε τὰς πύλας της ἡ διεθνὴς ἔκθεσις, μὲ τὴν συμμετοχὴν πολλῶν χωρῶν.

ΑΘΗΝΑΙ, 20.— Ὁ Ἀρχιεπίσκοπος Ἀθηνῶν κ. Χρυσόστομος ἀπήτησε τὴν ματαίωσιν τοῦ τεκτονικοῦ συνεδρίου, κατόπιν διαβήματος τῶν θρησκευτικῶν ὀργανώσεων.

ΜΟΣΧΑ, 20. (Ἀσσ. Πρές).— Ὁ σοβιετικὸς τύπος ἀναφέρεται εἰς τὴν ἐπιτυχίαν τῆς συγκομιδῆς.

ΠΑΡΑΤΕΙΝΕΤΑΙ ΜΕΧΡΙ 30ΗΣ ΝΟΕΜΒΡΙΟΥ ΤΟ ΟΡΙΟΝ ΤΟΥ ΕΘΝΙΚΟΥ ΧΡΕΟΥΣ ΤΩΝ ΗΝΩΜΕΝΩΝ ΠΟΛΙΤΕΙΩΝ
Ο ΛΙΜΗΝ ΤΗΣ ΜΕΝΤΙΑ ΠΑΡΕΔΟΘΗ ΕΙΣ ΤΟ ΜΑΡΟΚΟΝ

ΜΕΝΤΙΑ, Μαρόκον, 20.— Ἐπισήμως παρεδόθη εἰς τὰς μαροκινὰς ἀρχὰς ὁ λιμὴν τῆς Μεντία.

ΟΥΑΣΙΓΚΤΩΝ, 20. (Ἀσσ. Πρές).— Ἡ Βουλὴ ἐνέκρινε τὴν παράτασιν τοῦ ὁρίου τοῦ ἐθνικοῦ χρέους μέχρι τῆς 30ῆς Νοεμβρίου.

ΠΑΡΑΠΕΜΠΟΝΤΑΙ ΕΙΣ ΤΟ ΣΤΡΑΤΟΔΙΚΕΙΟΝ ΟΙ ΣΥΛΛΗΦΘΕΝΤΕΣ ΤΟΥΡΚΟΙ ΕΞΤΡΕΜΙΣΤΑΙ

ΑΓΚΥΡΑ, 20. (Ἀσσ. Πρές).— Παραπέμπονται εἰς τὸ στρατοδικεῖον οἱ συλληφθέντες κατὰ τὸ ἀποτυχὸν πραξικόπημα τοῦ Μαΐου, μεταξὺ τῶν ὁποίων καὶ ἀξιωματικοὶ τοῦ στρατοῦ. Αἱ δίκαι ἀναμένεται νὰ ἀρχίσουν ἐντὸς τοῦ μηνός.
